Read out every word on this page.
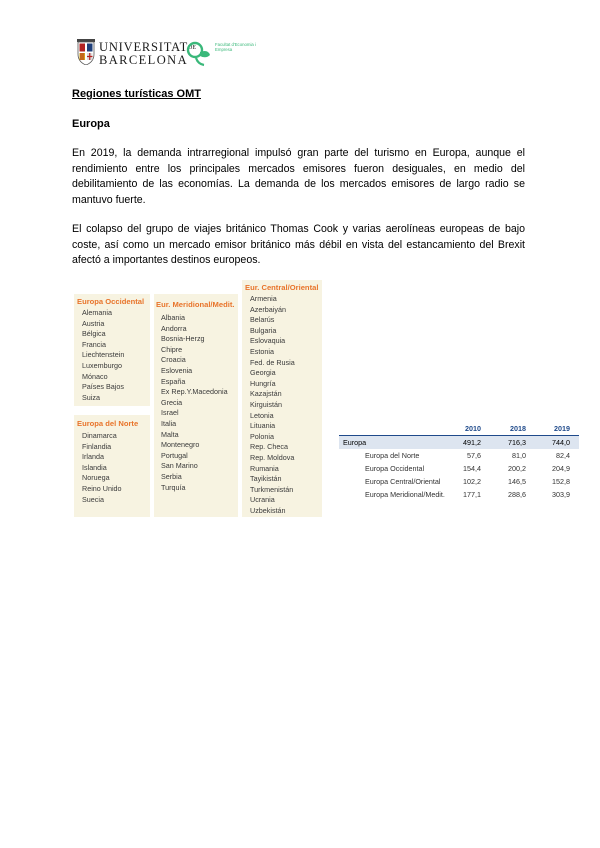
UNIVERSITATDE
BARCELONA
Facultat d'Economia i Empresa
Regiones turísticas OMT
Europa
En 2019, la demanda intrarregional impulsó gran parte del turismo en Europa, aunque el rendimiento entre los principales mercados emisores fueron desiguales, en medio del debilitamiento de las economías. La demanda de los mercados emisores de largo radio se mantuvo fuerte.
El colapso del grupo de viajes británico Thomas Cook y varias aerolíneas europeas de bajo coste, así como un mercado emisor británico más débil en vista del estancamiento del Brexit afectó a importantes destinos europeos.
Europa Occidental
Alemania
Austria
Bélgica
Francia
Liechtenstein
Luxemburgo
Mónaco
Países Bajos
Suiza
Europa del Norte
Dinamarca
Finlandia
Irlanda
Islandia
Noruega
Reino Unido
Suecia
Eur. Meridional/Medit.
Albania
Andorra
Bosnia-Herzg
Chipre
Croacia
Eslovenia
España
Ex Rep.Y.Macedonia
Grecia
Israel
Italia
Malta
Montenegro
Portugal
San Marino
Serbia
Turquía
Eur. Central/Oriental
Armenia
Azerbaiyán
Belarús
Bulgaria
Eslovaquia
Estonia
Fed. de Rusia
Georgia
Hungría
Kazajstán
Kirguistán
Letonia
Lituania
Polonia
Rep. Checa
Rep. Moldova
Rumania
Tayikistán
Turkmenistán
Ucrania
Uzbekistán
2010	2018	2019
Europa	491,2	716,3	744,0
Europa del Norte	57,6	81,0	82,4
Europa Occidental	154,4	200,2	204,9
Europa Central/Oriental	102,2	146,5	152,8
Europa Meridional/Medit.	177,1	288,6	303,9
